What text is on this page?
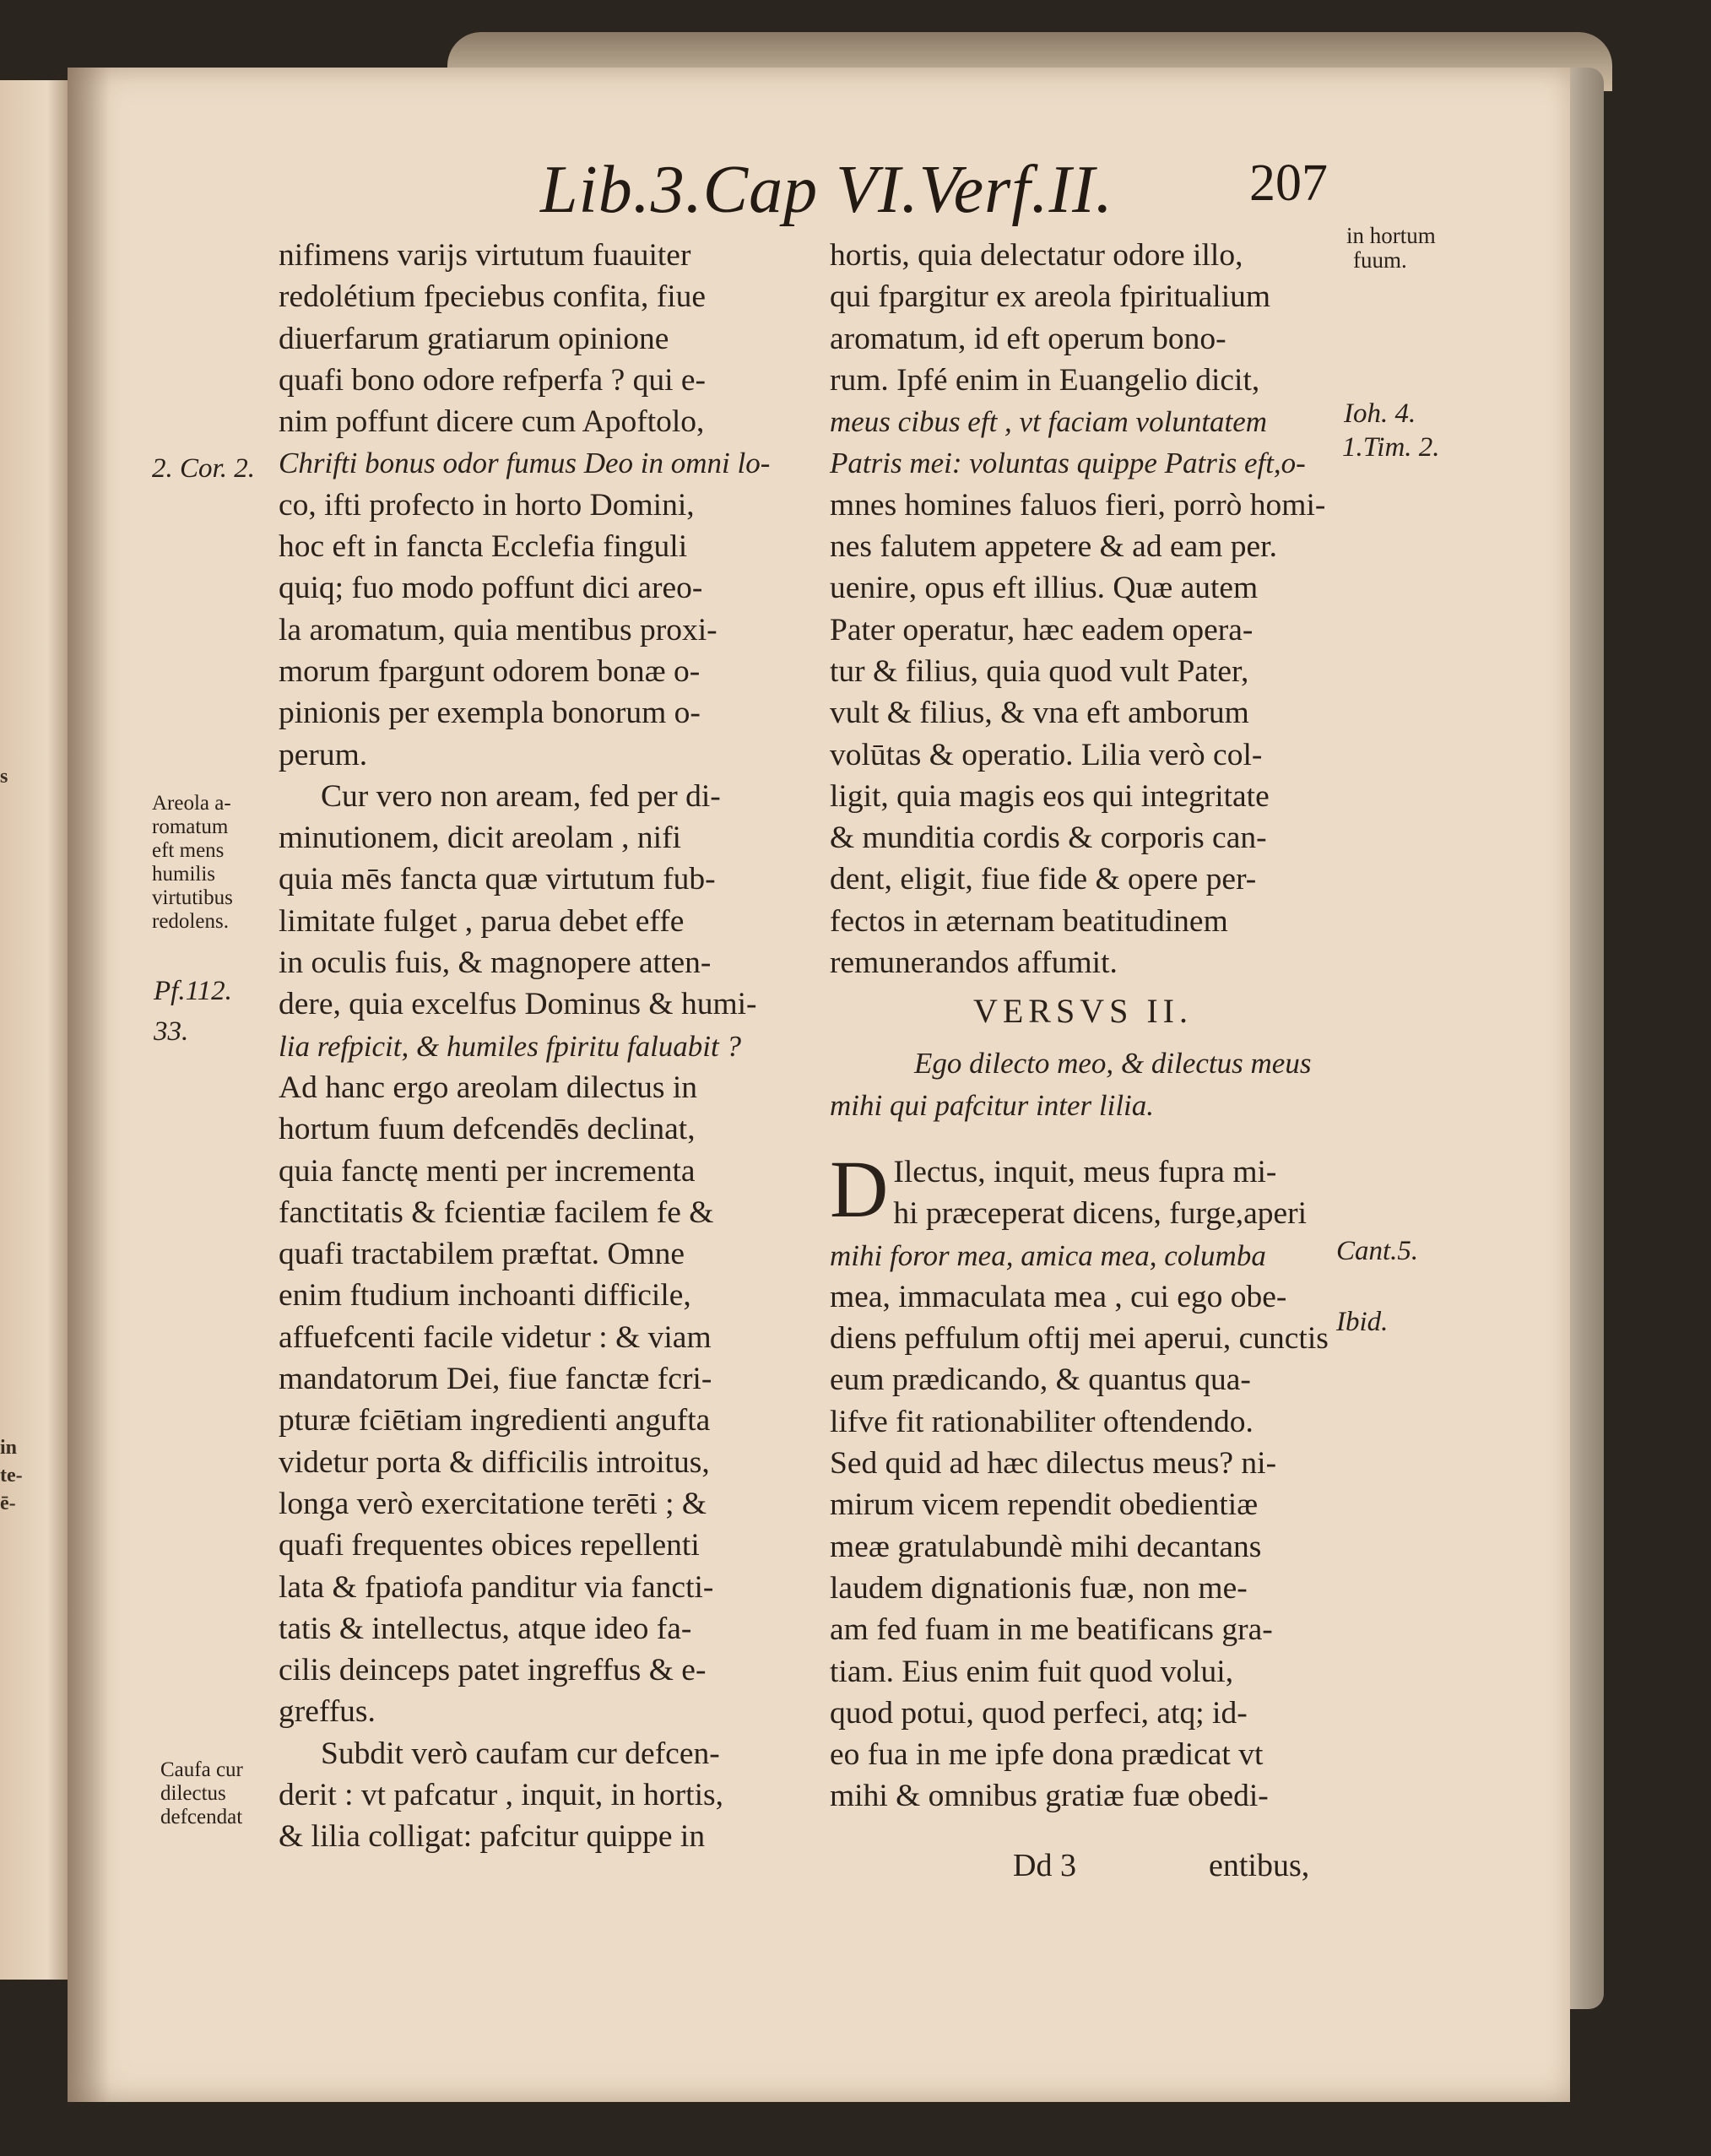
s
in
te-
ē-
Lib.3.Cap VI.Verf.II.	207
nifimens varijs virtutum fuauiter
redolétium fpeciebus confita, fiue
diuerfarum gratiarum opinione
quafi bono odore refperfa ? qui e-
nim poffunt dicere cum Apoftolo,
Chrifti bonus odor fumus Deo in omni lo-
co, ifti profecto in horto Domini,
hoc eft in fancta Ecclefia finguli
quiq; fuo modo poffunt dici areo-
la aromatum, quia mentibus proxi-
morum fpargunt odorem bonæ o-
pinionis per exempla bonorum o-
perum.
Cur vero non aream, fed per di-
minutionem, dicit areolam , nifi
quia mēs fancta quæ virtutum fub-
limitate fulget , parua debet effe
in oculis fuis, & magnopere atten-
dere, quia excelfus Dominus & humi-
lia refpicit, & humiles fpiritu faluabit ?
Ad hanc ergo areolam dilectus in
hortum fuum defcendēs declinat,
quia fanctę menti per incrementa
fanctitatis & fcientiæ facilem fe &
quafi tractabilem præftat. Omne
enim ftudium inchoanti difficile,
affuefcenti facile videtur : & viam
mandatorum Dei, fiue fanctæ fcri-
pturæ fciētiam ingredienti angufta
videtur porta & difficilis introitus,
longa verò exercitatione terēti ; &
quafi frequentes obices repellenti
lata & fpatiofa panditur via fancti-
tatis & intellectus, atque ideo fa-
cilis deinceps patet ingreffus & e-
greffus.
Subdit verò caufam cur defcen-
derit : vt pafcatur , inquit, in hortis,
& lilia colligat: pafcitur quippe in
hortis, quia delectatur odore illo,
qui fpargitur ex areola fpiritualium
aromatum, id eft operum bono-
rum. Ipfé enim in Euangelio dicit,
meus cibus eft , vt faciam voluntatem
Patris mei: voluntas quippe Patris eft,o-
mnes homines faluos fieri, porrò homi-
nes falutem appetere & ad eam per.
uenire, opus eft illius. Quæ autem
Pater operatur, hæc eadem opera-
tur & filius, quia quod vult Pater,
vult & filius, & vna eft amborum
volūtas & operatio. Lilia verò col-
ligit, quia magis eos qui integritate
& munditia cordis & corporis can-
dent, eligit, fiue fide & opere per-
fectos in æternam beatitudinem
remunerandos affumit.
VERSVS II.
Ego dilecto meo, & dilectus meus
mihi qui pafcitur inter lilia.
D Ilectus, inquit, meus fupra mi-
hi præceperat dicens, furge,aperi
mihi foror mea, amica mea, columba
mea, immaculata mea , cui ego obe-
diens peffulum oftij mei aperui, cunctis
eum prædicando, & quantus qua-
lifve fit rationabiliter oftendendo.
Sed quid ad hæc dilectus meus? ni-
mirum vicem rependit obedientiæ
meæ gratulabundè mihi decantans
laudem dignationis fuæ, non me-
am fed fuam in me beatificans gra-
tiam. Eius enim fuit quod volui,
quod potui, quod perfeci, atq; id-
eo fua in me ipfe dona prædicat vt
mihi & omnibus gratiæ fuæ obedi-
Dd 3	entibus,
2. Cor. 2.
Areola a-
romatum
eft mens
humilis
virtutibus
redolens.
Pf.112.
33.
Caufa cur
dilectus
defcendat
in hortum
fuum.
Ioh. 4.
1.Tim. 2.
Cant.5.
Ibid.
